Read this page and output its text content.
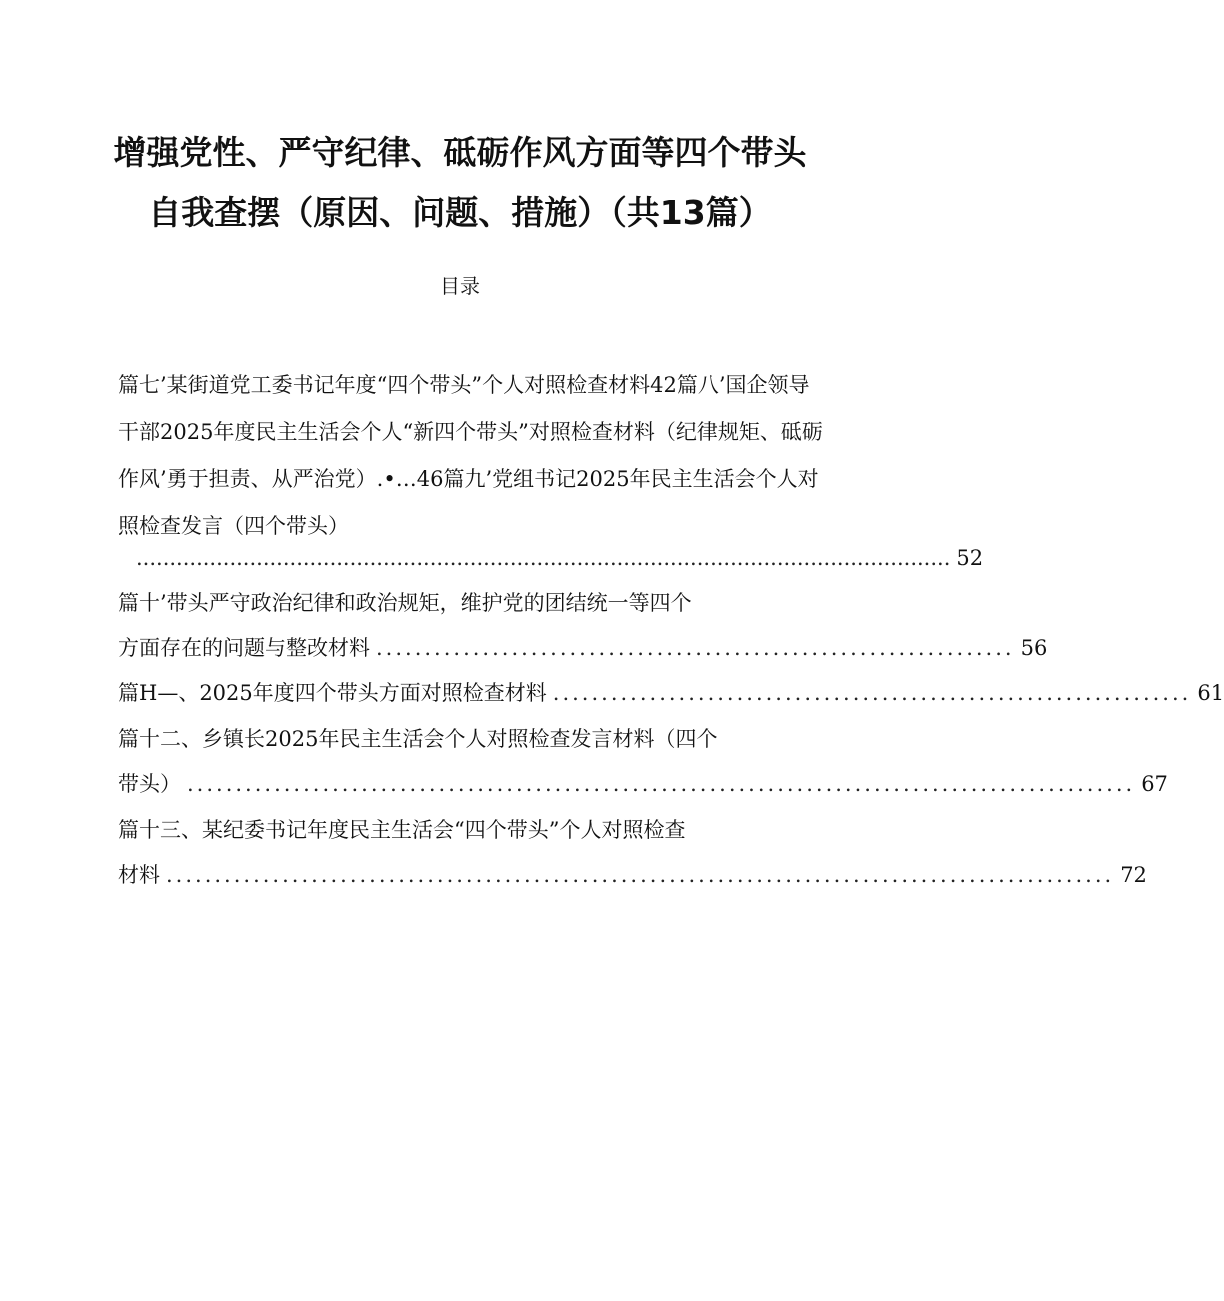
增强党性、严守纪律、砥砺作风方面等四个带头
自我查摆（原因、问题、措施）（共13篇）
目录
篇七’某街道党工委书记年度“四个带头”个人对照检查材料42篇八’国企领导干部2025年度民主生活会个人“新四个带头”对照检查材料（纪律规矩、砥砺作风’勇于担责、从严治党）.•…46篇九’党组书记2025年民主生活会个人对照检查发言（四个带头）
.......................................................................................................................... 52
篇十’带头严守政治纪律和政治规矩，维护党的团结统一等四个
方面存在的问题与整改材料 .................................................................. 56
篇H—、2025年度四个带头方面对照检查材料 .................................................................. 61
篇十二、乡镇长2025年民主生活会个人对照检查发言材料（四个
带头） .................................................................................................. 67
篇十三、某纪委书记年度民主生活会“四个带头”个人对照检查
材料 .................................................................................................. 72
